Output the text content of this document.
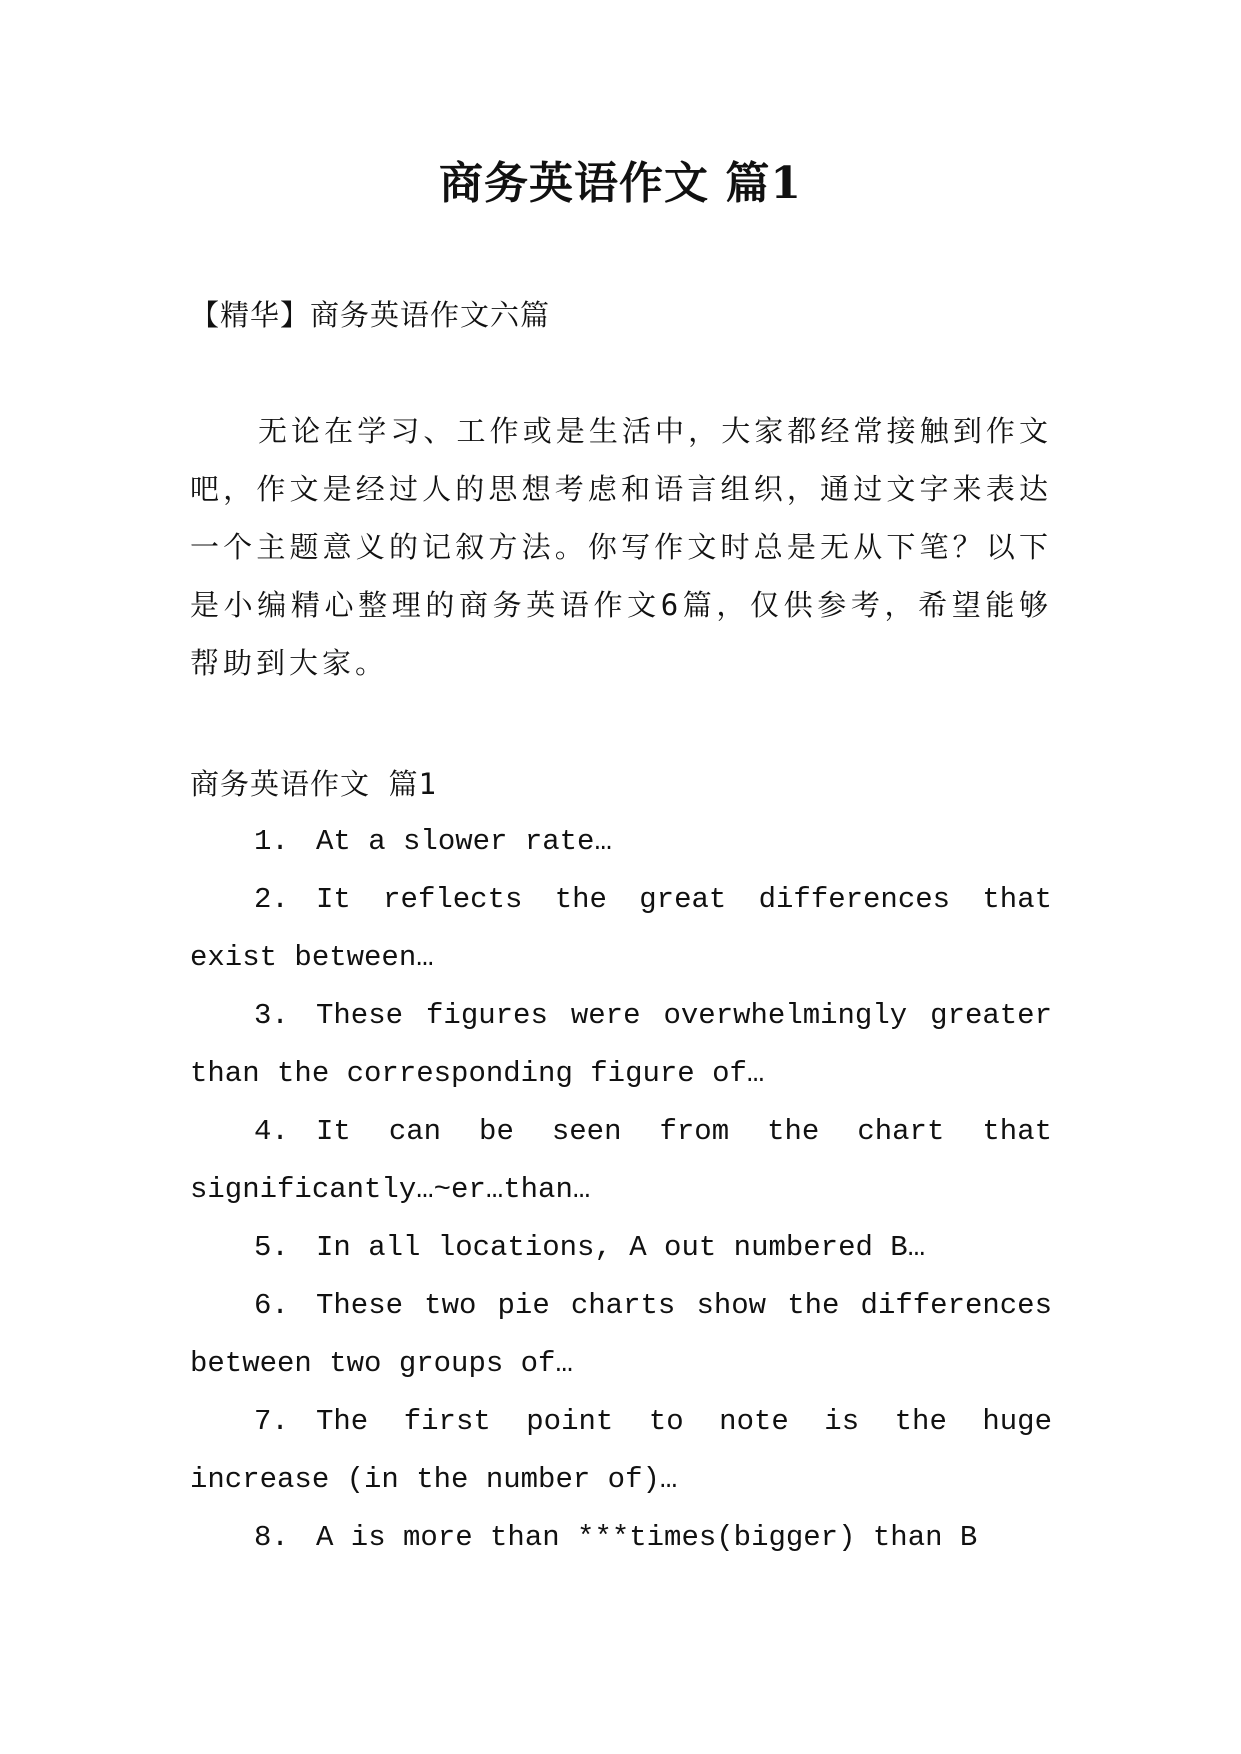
商务英语作文 篇1
【精华】商务英语作文六篇
无论在学习、工作或是生活中，大家都经常接触到作文吧，作文是经过人的思想考虑和语言组织，通过文字来表达一个主题意义的记叙方法。你写作文时总是无从下笔？以下是小编精心整理的商务英语作文6篇，仅供参考，希望能够帮助到大家。
商务英语作文 篇1
1. At a slower rate…
2. It reflects the great differences that exist between…
3. These figures were overwhelmingly greater than the corresponding figure of…
4. It can be seen from the chart that significantly…~er…than…
5. In all locations, A out numbered B…
6. These two pie charts show the differences between two groups of…
7. The first point to note is the huge increase (in the number of)…
8. A is more than ***times(bigger) than B
